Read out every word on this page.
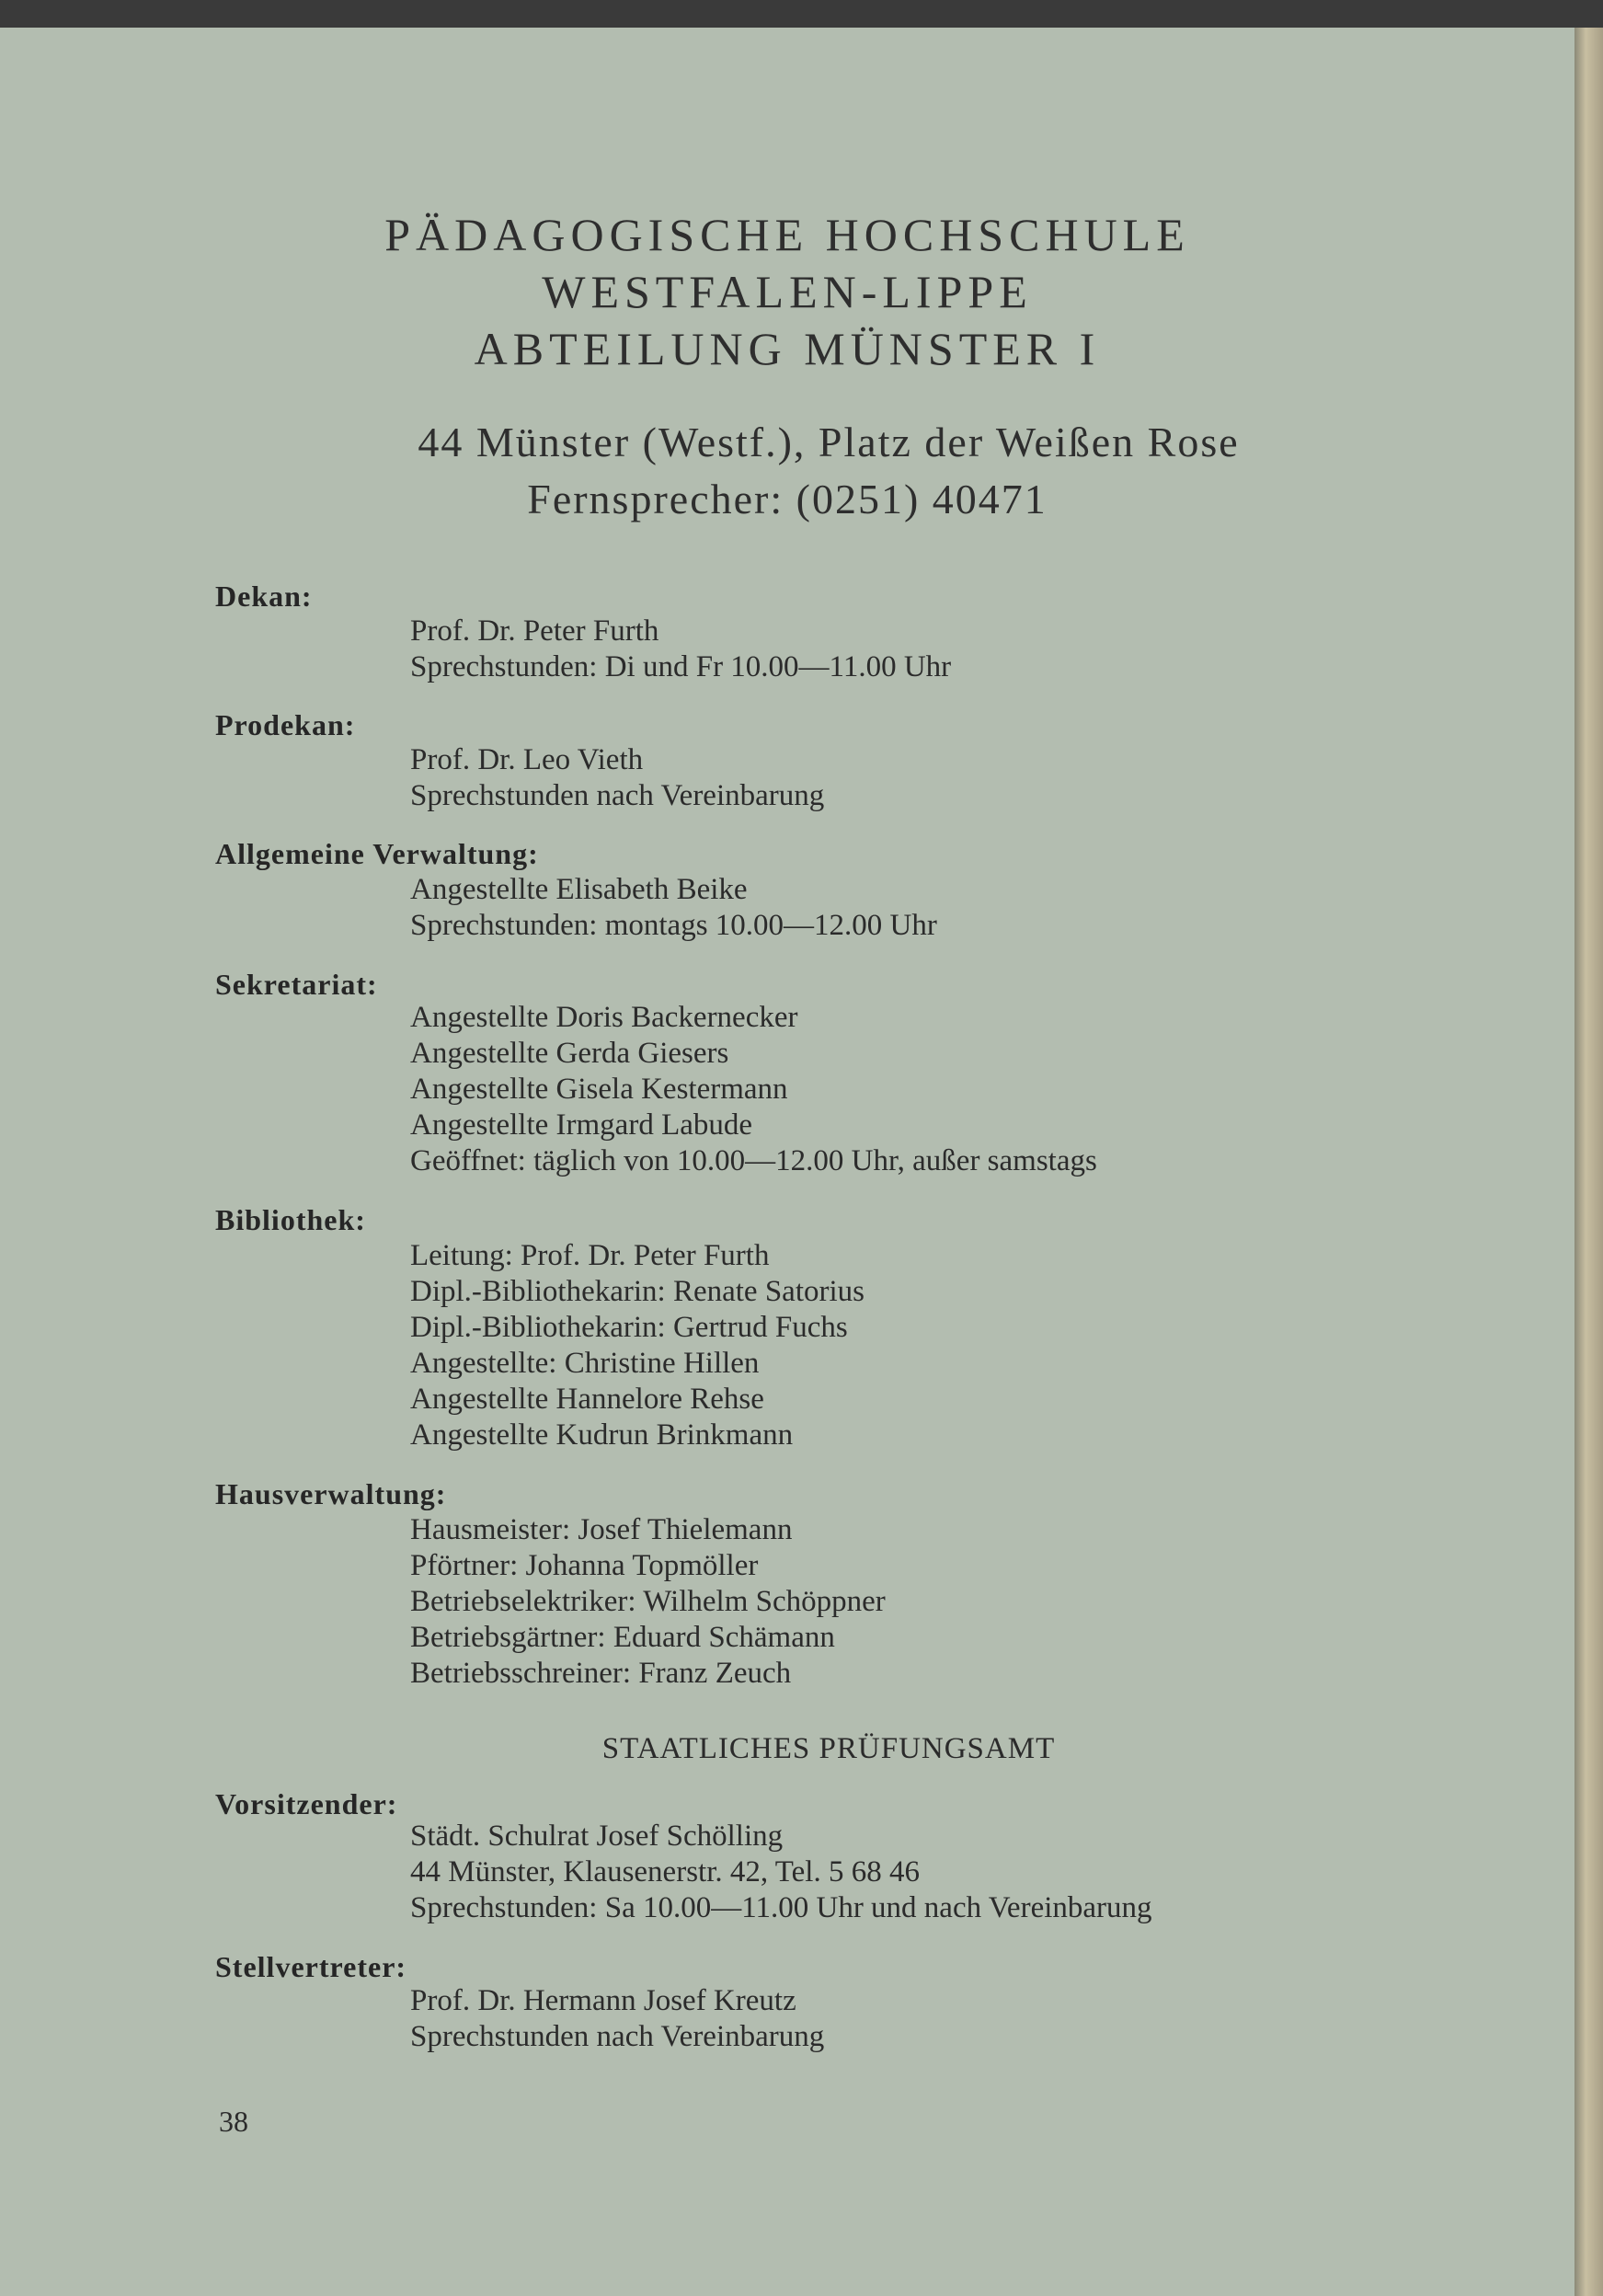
PÄDAGOGISCHE HOCHSCHULE
WESTFALEN-LIPPE
ABTEILUNG MÜNSTER I
44 Münster (Westf.), Platz der Weißen Rose
Fernsprecher: (0251) 40471
Dekan:
Prof. Dr. Peter Furth
Sprechstunden: Di und Fr 10.00—11.00 Uhr
Prodekan:
Prof. Dr. Leo Vieth
Sprechstunden nach Vereinbarung
Allgemeine Verwaltung:
Angestellte Elisabeth Beike
Sprechstunden: montags 10.00—12.00 Uhr
Sekretariat:
Angestellte Doris Backernecker
Angestellte Gerda Giesers
Angestellte Gisela Kestermann
Angestellte Irmgard Labude
Geöffnet: täglich von 10.00—12.00 Uhr, außer samstags
Bibliothek:
Leitung: Prof. Dr. Peter Furth
Dipl.-Bibliothekarin: Renate Satorius
Dipl.-Bibliothekarin: Gertrud Fuchs
Angestellte: Christine Hillen
Angestellte Hannelore Rehse
Angestellte Kudrun Brinkmann
Hausverwaltung:
Hausmeister: Josef Thielemann
Pförtner: Johanna Topmöller
Betriebselektriker: Wilhelm Schöppner
Betriebsgärtner: Eduard Schämann
Betriebsschreiner: Franz Zeuch
STAATLICHES PRÜFUNGSAMT
Vorsitzender:
Städt. Schulrat Josef Schölling
44 Münster, Klausenerstr. 42, Tel. 5 68 46
Sprechstunden: Sa 10.00—11.00 Uhr und nach Vereinbarung
Stellvertreter:
Prof. Dr. Hermann Josef Kreutz
Sprechstunden nach Vereinbarung
38
